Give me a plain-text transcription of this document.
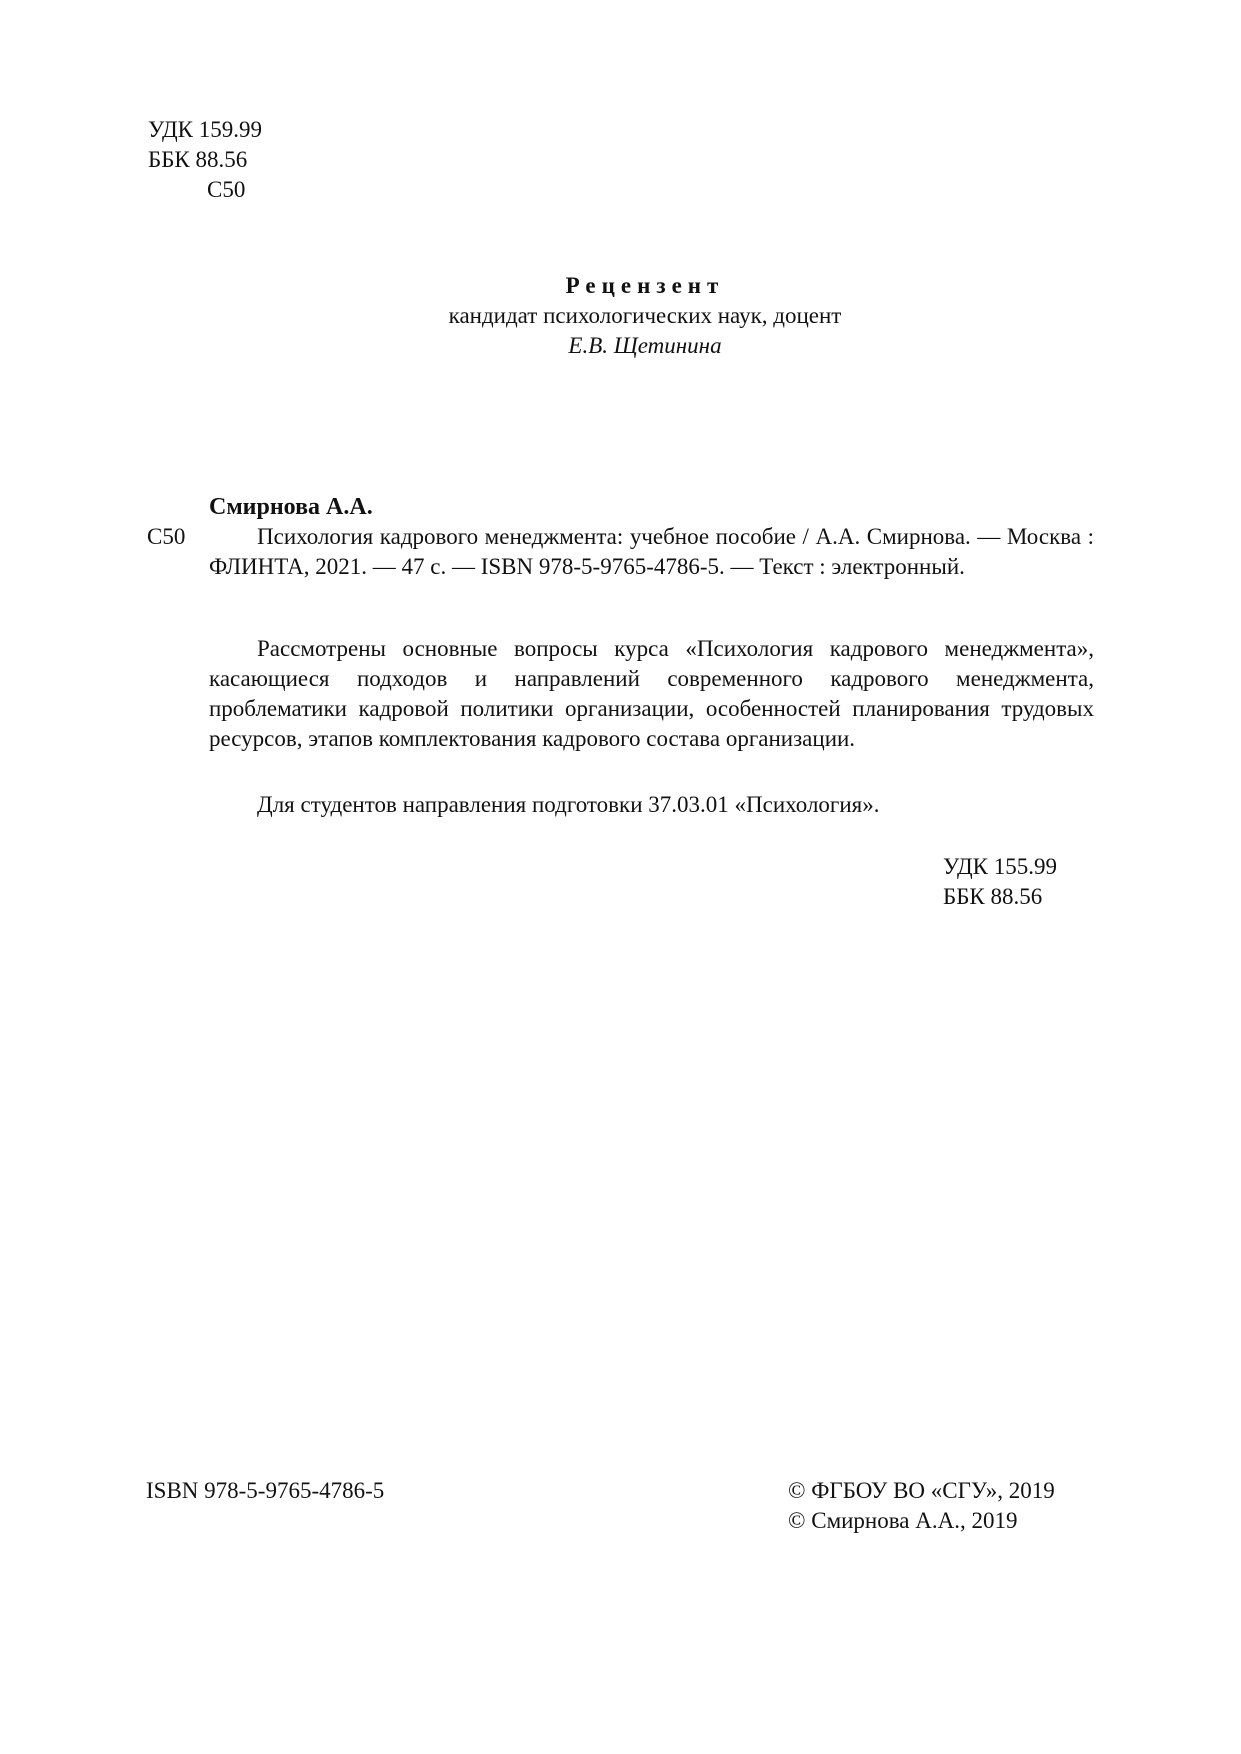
УДК 159.99
ББК 88.56
С50
Рецензент
кандидат психологических наук, доцент
Е.В. Щетинина
Смирнова А.А.
С50	Психология кадрового менеджмента: учебное пособие / А.А. Смирнова. — Москва : ФЛИНТА, 2021. — 47 с. — ISBN 978-5-9765-4786-5. — Текст : электронный.
Рассмотрены основные вопросы курса «Психология кадрового менеджмента», касающиеся подходов и направлений современного кадрового менеджмента, проблематики кадровой политики организации, особенностей планирования трудовых ресурсов, этапов комплектования кадрового состава организации.
Для студентов направления подготовки 37.03.01 «Психология».
УДК 155.99
ББК 88.56
ISBN 978-5-9765-4786-5	© ФГБОУ ВО «СГУ», 2019
© Смирнова А.А., 2019
